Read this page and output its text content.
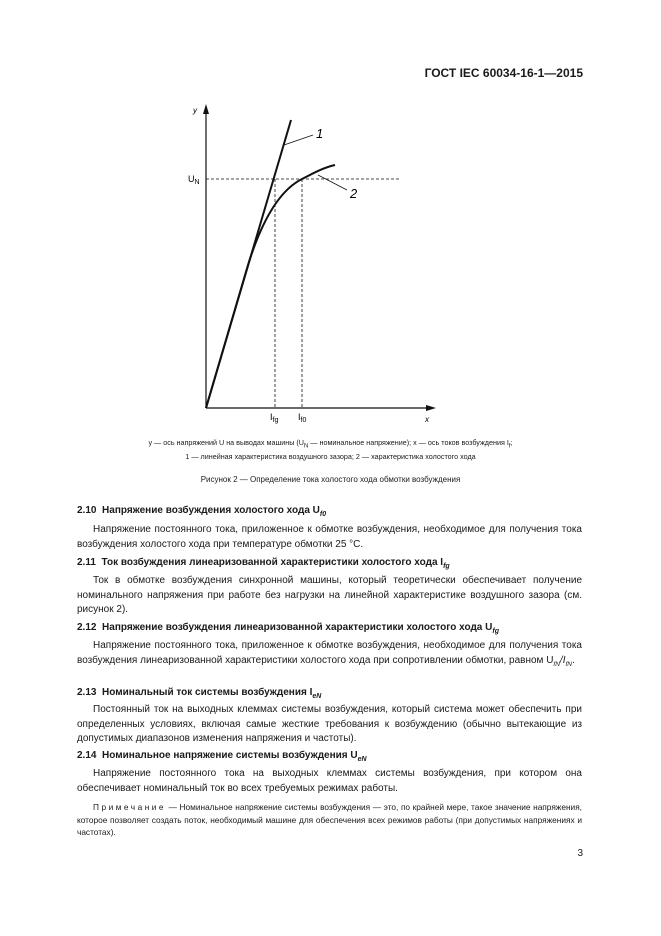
ГОСТ IEC 60034-16-1—2015
y
x
1
2
$U_N$
$I_{fg}$ $I_{f0}$
y — ось напряжений U на выводах машины ($U_N$ — номинальное напряжение); x — ось токов возбуждения $I_f$;
1 — линейная характеристика воздушного зазора; 2 — характеристика холостого хода
Рисунок 2 — Определение тока холостого хода обмотки возбуждения
2.10 Напряжение возбуждения холостого хода $U_{f0}$
Напряжение постоянного тока, приложенное к обмотке возбуждения, необходимое для получения тока возбуждения холостого хода при температуре обмотки 25 °С.
2.11 Ток возбуждения линеаризованной характеристики холостого хода $I_{fg}$
Ток в обмотке возбуждения синхронной машины, который теоретически обеспечивает получение номинального напряжения при работе без нагрузки на линейной характеристике воздушного зазора (см. рисунок 2).
2.12 Напряжение возбуждения линеаризованной характеристики холостого хода $U_{fg}$
Напряжение постоянного тока, приложенное к обмотке возбуждения, необходимое для получения тока возбуждения линеаризованной характеристики холостого хода при сопротивлении обмотки, равном $U_{fN}/I_{fN}$.
2.13 Номинальный ток системы возбуждения $I_{eN}$
Постоянный ток на выходных клеммах системы возбуждения, который система может обеспечить при определенных условиях, включая самые жесткие требования к возбуждению (обычно вытекающие из допустимых диапазонов изменения напряжения и частоты).
2.14 Номинальное напряжение системы возбуждения $U_{eN}$
Напряжение постоянного тока на выходных клеммах системы возбуждения, при котором она обеспечивает номинальный ток во всех требуемых режимах работы.
Примечание — Номинальное напряжение системы возбуждения — это, по крайней мере, такое значение напряжения, которое позволяет создать поток, необходимый машине для обеспечения всех режимов работы (при допустимых напряжениях и частотах).
3
